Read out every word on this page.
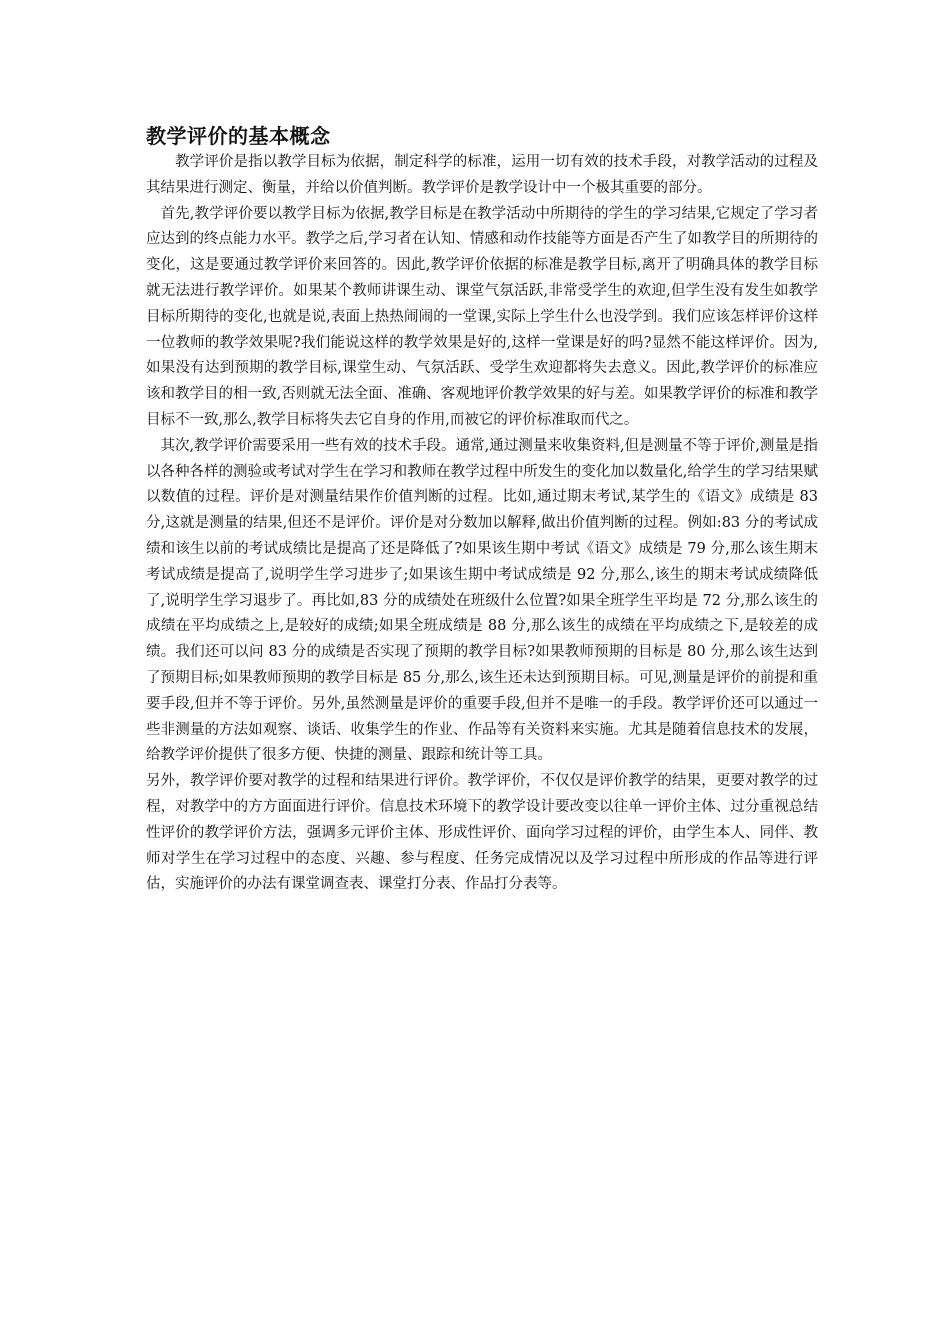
教学评价的基本概念

教学评价是指以教学目标为依据，制定科学的标准，运用一切有效的技术手段，对教学活动的过程及其结果进行测定、衡量，并给以价值判断。教学评价是教学设计中一个极其重要的部分。

首先,教学评价要以教学目标为依据,教学目标是在教学活动中所期待的学生的学习结果,它规定了学习者应达到的终点能力水平。教学之后,学习者在认知、情感和动作技能等方面是否产生了如教学目的所期待的变化，这是要通过教学评价来回答的。因此,教学评价依据的标准是教学目标,离开了明确具体的教学目标就无法进行教学评价。如果某个教师讲课生动、课堂气氛活跃,非常受学生的欢迎,但学生没有发生如教学目标所期待的变化,也就是说,表面上热热闹闹的一堂课,实际上学生什么也没学到。我们应该怎样评价这样一位教师的教学效果呢?我们能说这样的教学效果是好的,这样一堂课是好的吗?显然不能这样评价。因为,如果没有达到预期的教学目标,课堂生动、气氛活跃、受学生欢迎都将失去意义。因此,教学评价的标准应该和教学目的相一致,否则就无法全面、准确、客观地评价教学效果的好与差。如果教学评价的标准和教学目标不一致,那么,教学目标将失去它自身的作用,而被它的评价标准取而代之。

其次,教学评价需要采用一些有效的技术手段。通常,通过测量来收集资料,但是测量不等于评价,测量是指以各种各样的测验或考试对学生在学习和教师在教学过程中所发生的变化加以数量化,给学生的学习结果赋以数值的过程。评价是对测量结果作价值判断的过程。比如,通过期末考试,某学生的《语文》成绩是 83 分,这就是测量的结果,但还不是评价。评价是对分数加以解释,做出价值判断的过程。例如:83 分的考试成绩和该生以前的考试成绩比是提高了还是降低了?如果该生期中考试《语文》成绩是 79 分,那么该生期末考试成绩是提高了,说明学生学习进步了;如果该生期中考试成绩是 92 分,那么,该生的期末考试成绩降低了,说明学生学习退步了。再比如,83 分的成绩处在班级什么位置?如果全班学生平均是 72 分,那么该生的成绩在平均成绩之上,是较好的成绩;如果全班成绩是 88 分,那么该生的成绩在平均成绩之下,是较差的成绩。我们还可以问 83 分的成绩是否实现了预期的教学目标?如果教师预期的目标是 80 分,那么该生达到了预期目标;如果教师预期的教学目标是 85 分,那么,该生还未达到预期目标。可见,测量是评价的前提和重要手段,但并不等于评价。另外,虽然测量是评价的重要手段,但并不是唯一的手段。教学评价还可以通过一些非测量的方法如观察、谈话、收集学生的作业、作品等有关资料来实施。尤其是随着信息技术的发展，给教学评价提供了很多方便、快捷的测量、跟踪和统计等工具。

另外，教学评价要对教学的过程和结果进行评价。教学评价，不仅仅是评价教学的结果，更要对教学的过程，对教学中的方方面面进行评价。信息技术环境下的教学设计要改变以往单一评价主体、过分重视总结性评价的教学评价方法，强调多元评价主体、形成性评价、面向学习过程的评价，由学生本人、同伴、教师对学生在学习过程中的态度、兴趣、参与程度、任务完成情况以及学习过程中所形成的作品等进行评估，实施评价的办法有课堂调查表、课堂打分表、作品打分表等。
